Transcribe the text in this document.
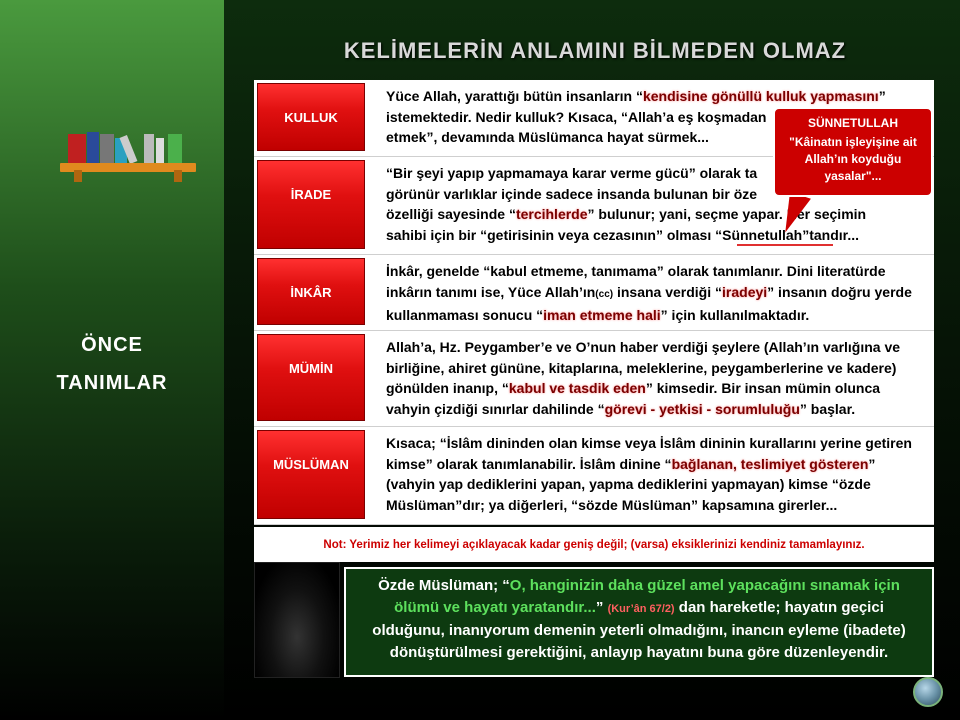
KELİMELERİN ANLAMINI BİLMEDEN OLMAZ
ÖNCE
TANIMLAR
KULLUK
Yüce Allah, yarattığı bütün insanların “kendisine gönüllü kulluk yapmasını” istemektedir. Nedir kulluk? Kısaca, “Allah’a eş koşmadan
etmek”, devamında Müslümanca hayat sürmek...
İRADE
“Bir şeyi yapıp yapmamaya karar verme gücü” olarak ta
görünür varlıklar içinde sadece insanda bulunan bir öze
özelliği sayesinde “tercihlerde” bulunur; yani, seçme yapar. Her seçimin
sahibi için bir “getirisinin veya cezasının” olması “Sünnetullah”tandır...
İNKÂR
İnkâr, genelde “kabul etmeme, tanımama” olarak tanımlanır. Dini literatürde inkârın tanımı ise, Yüce Allah’ın(cc) insana verdiği “iradeyi” insanın doğru yerde kullanmaması sonucu “iman etmeme hali” için kullanılmaktadır.
MÜMİN
Allah’a, Hz. Peygamber’e ve O’nun haber verdiği şeylere (Allah’ın varlığına ve birliğine, ahiret gününe, kitaplarına, meleklerine, peygamberlerine ve kadere) gönülden inanıp, “kabul ve tasdik eden” kimsedir. Bir insan mümin olunca vahyin çizdiği sınırlar dahilinde “görevi - yetkisi - sorumluluğu” başlar.
MÜSLÜMAN
Kısaca; “İslâm dininden olan kimse veya İslâm dininin kurallarını yerine getiren kimse” olarak tanımlanabilir. İslâm dinine “bağlanan, teslimiyet gösteren” (vahyin yap dediklerini yapan, yapma dediklerini yapmayan) kimse “özde Müslüman”dır; ya diğerleri, “sözde Müslüman” kapsamına girerler...
SÜNNETULLAH
"Kâinatın işleyişine ait Allah’ın koyduğu yasalar"...
Not: Yerimiz her kelimeyi açıklayacak kadar geniş değil; (varsa) eksiklerinizi kendiniz tamamlayınız.
Özde Müslüman; “O, hanginizin daha güzel amel yapacağını sınamak için ölümü ve hayatı yaratandır...” (Kur’ân 67/2) dan hareketle; hayatın geçici olduğunu, inanıyorum demenin yeterli olmadığını, inancın eyleme (ibadete) dönüştürülmesi gerektiğini, anlayıp hayatını buna göre düzenleyendir.
